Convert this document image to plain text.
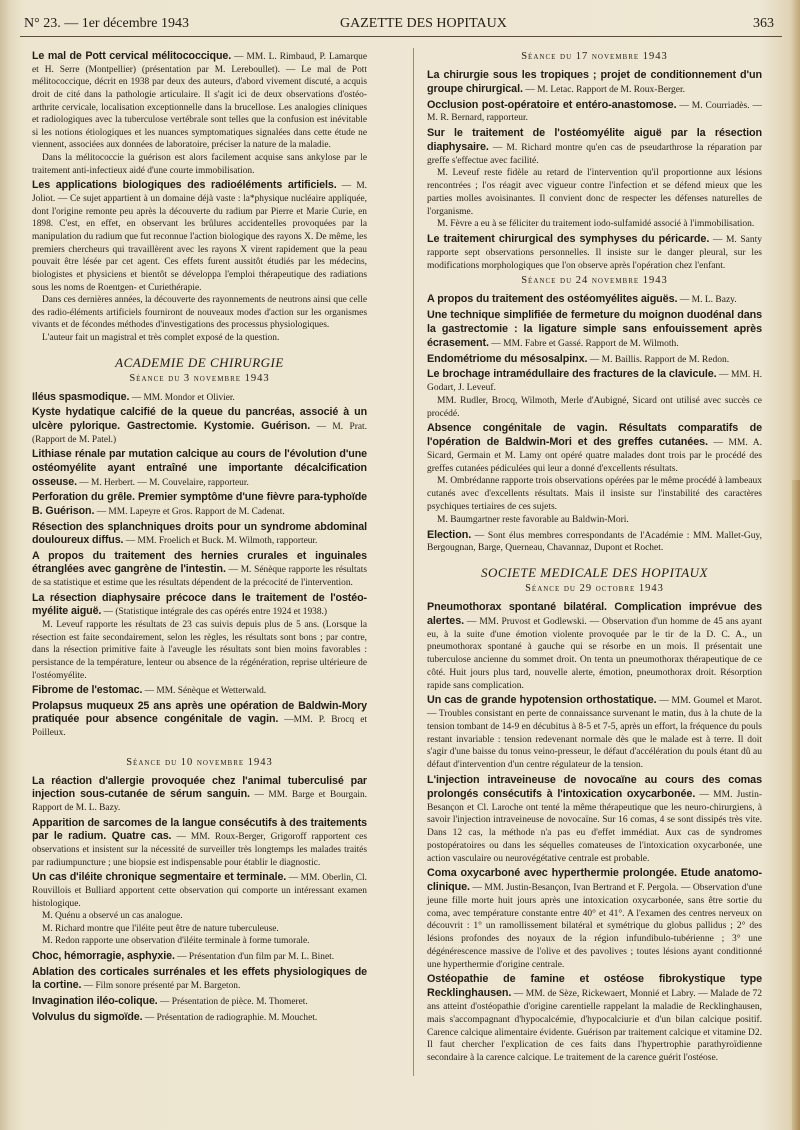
N° 23. — 1er décembre 1943	GAZETTE DES HOPITAUX	363
Le mal de Pott cervical mélitococcique. — MM. L. Rimbaud, P. Lamarque et H. Serre (Montpellier) (présentation par M. Lereboullet). — Le mal de Pott mélitococcique, décrit en 1938 par deux des auteurs, d'abord vivement discuté, a acquis droit de cité dans la pathologie articulaire. Il s'agit ici de deux observations d'ostéo-arthrite cervicale, localisation exceptionnelle dans la brucellose. Les analogies cliniques et radiologiques avec la tuberculose vertébrale sont telles que la confusion est inévitable si les notions étiologiques et les nuances symptomatiques signalées dans cette étude ne viennent, associées aux données de laboratoire, préciser la nature de la maladie.
Dans la mélitococcie la guérison est alors facilement acquise sans ankylose par le traitement anti-infectieux aidé d'une courte immobilisation.
Les applications biologiques des radioéléments artificiels. — M. Joliot. — Ce sujet appartient à un domaine déjà vaste : la*physique nucléaire appliquée, dont l'origine remonte peu après la découverte du radium par Pierre et Marie Curie, en 1898. C'est, en effet, en observant les brûlures accidentelles provoquées par la manipulation du radium que fut reconnue l'action biologique des rayons X. De même, les premiers chercheurs qui travaillèrent avec les rayons X virent rapidement que la peau pouvait être lésée par cet agent. Ces effets furent aussitôt étudiés par les médecins, biologistes et physiciens et bientôt se développa l'emploi thérapeutique des radiations sous les noms de Roentgen- et Curiethérapie.
Dans ces dernières années, la découverte des rayonnements de neutrons ainsi que celle des radio-éléments artificiels fourniront de nouveaux modes d'action sur les organismes vivants et de fécondes méthodes d'investigations des processus physiologiques.
L'auteur fait un magistral et très complet exposé de la question.
ACADEMIE DE CHIRURGIE
Séance du 3 novembre 1943
Iléus spasmodique. — MM. Mondor et Olivier.
Kyste hydatique calcifié de la queue du pancréas, associé à un ulcère pylorique. Gastrectomie. Kystomie. Guérison. — M. Prat. (Rapport de M. Patel.)
Lithiase rénale par mutation calcique au cours de l'évolution d'une ostéomyélite ayant entraîné une importante décalcification osseuse. — M. Herbert. — M. Couvelaire, rapporteur.
Perforation du grêle. Premier symptôme d'une fièvre para-typhoïde B. Guérison. — MM. Lapeyre et Gros. Rapport de M. Cadenat.
Résection des splanchniques droits pour un syndrome abdominal douloureux diffus. — MM. Froelich et Buck. M. Wilmoth, rapporteur.
A propos du traitement des hernies crurales et inguinales étranglées avec gangrène de l'intestin. — M. Sénèque rapporte les résultats de sa statistique et estime que les résultats dépendent de la précocité de l'intervention.
La résection diaphysaire précoce dans le traitement de l'ostéo-myélite aiguë. — (Statistique intégrale des cas opérés entre 1924 et 1938.)
M. Leveuf rapporte les résultats de 23 cas suivis depuis plus de 5 ans. (Lorsque la résection est faite secondairement, selon les règles, les résultats sont bons ; par contre, dans la résection primitive faite à l'aveugle les résultats sont bien moins favorables : persistance de la température, lenteur ou absence de la régénération, reprise ultérieure de l'ostéomyélite.
Fibrome de l'estomac. — MM. Sénèque et Wetterwald.
Prolapsus muqueux 25 ans après une opération de Baldwin-Mory pratiquée pour absence congénitale de vagin. —MM. P. Brocq et Poilleux.
Séance du 10 novembre 1943
La réaction d'allergie provoquée chez l'animal tuberculisé par injection sous-cutanée de sérum sanguin. — MM. Barge et Bourgain. Rapport de M. L. Bazy.
Apparition de sarcomes de la langue consécutifs à des traitements par le radium. Quatre cas. — MM. Roux-Berger, Grigoroff rapportent ces observations et insistent sur la nécessité de surveiller très longtemps les malades traités par radiumpuncture ; une biopsie est indispensable pour établir le diagnostic.
Un cas d'iléite chronique segmentaire et terminale. — MM. Oberlin, Cl. Rouvillois et Bulliard apportent cette observation qui comporte un intéressant examen histologique.
M. Quénu a observé un cas analogue.
M. Richard montre que l'iléite peut être de nature tuberculeuse.
M. Redon rapporte une observation d'iléite terminale à forme tumorale.
Choc, hémorragie, asphyxie. — Présentation d'un film par M. L. Binet.
Ablation des corticales surrénales et les effets physiologiques de la cortine. — Film sonore présenté par M. Bargeton.
Invagination iléo-colique. — Présentation de pièce. M. Thomeret.
Volvulus du sigmoïde. — Présentation de radiographie. M. Mouchet.
Séance du 17 novembre 1943
La chirurgie sous les tropiques ; projet de conditionnement d'un groupe chirurgical. — M. Letac. Rapport de M. Roux-Berger.
Occlusion post-opératoire et entéro-anastomose. — M. Courriadès. — M. R. Bernard, rapporteur.
Sur le traitement de l'ostéomyélite aiguë par la résection diaphysaire. — M. Richard montre qu'en cas de pseudarthrose la réparation par greffe s'effectue avec facilité.
M. Leveuf reste fidèle au retard de l'intervention qu'il proportionne aux lésions rencontrées ; l'os réagit avec vigueur contre l'infection et se défend mieux que les parties molles avoisinantes. Il convient donc de respecter les défenses naturelles de l'organisme.
M. Fèvre a eu à se féliciter du traitement iodo-sulfamidé associé à l'immobilisation.
Le traitement chirurgical des symphyses du péricarde. — M. Santy rapporte sept observations personnelles. Il insiste sur le danger pleural, sur les modifications morphologiques que l'on observe après l'opération chez l'enfant.
Séance du 24 novembre 1943
A propos du traitement des ostéomyélites aiguës. — M. L. Bazy.
Une technique simplifiée de fermeture du moignon duodénal dans la gastrectomie : la ligature simple sans enfouissement après écrasement. — MM. Fabre et Gassé. Rapport de M. Wilmoth.
Endométriome du mésosalpinx. — M. Baillis. Rapport de M. Redon.
Le brochage intramédullaire des fractures de la clavicule. — MM. H. Godart, J. Leveuf.
MM. Rudler, Brocq, Wilmoth, Merle d'Aubigné, Sicard ont utilisé avec succès ce procédé.
Absence congénitale de vagin. Résultats comparatifs de l'opération de Baldwin-Mori et des greffes cutanées. — MM. A. Sicard, Germain et M. Lamy ont opéré quatre malades dont trois par le procédé des greffes cutanées pédiculées qui leur a donné d'excellents résultats.
M. Ombrédanne rapporte trois observations opérées par le même procédé à lambeaux cutanés avec d'excellents résultats. Mais il insiste sur l'instabilité des caractères psychiques tertiaires de ces sujets.
M. Baumgartner reste favorable au Baldwin-Mori.
Election. — Sont élus membres correspondants de l'Académie : MM. Mallet-Guy, Bergougnan, Barge, Querneau, Chavannaz, Dupont et Rochet.
SOCIETE MEDICALE DES HOPITAUX
Séance du 29 octobre 1943
Pneumothorax spontané bilatéral. Complication imprévue des alertes. — MM. Pruvost et Godlewski. — Observation d'un homme de 45 ans ayant eu, à la suite d'une émotion violente provoquée par le tir de la D. C. A., un pneumothorax spontané à gauche qui se résorbe en un mois. Il présentait une tuberculose ancienne du sommet droit. On tenta un pneumothorax thérapeutique de ce côté. Huit jours plus tard, nouvelle alerte, émotion, pneumothorax droit. Résorption rapide sans complication.
Un cas de grande hypotension orthostatique. — MM. Goumel et Marot. — Troubles consistant en perte de connaissance survenant le matin, dus à la chute de la tension tombant de 14-9 en décubitus à 8-5 et 7-5, après un effort, la fréquence du pouls restant invariable : tension redevenant normale dès que le malade est à terre. Il doit s'agir d'une baisse du tonus veino-presseur, le défaut d'accélération du pouls étant dû au défaut d'intervention d'un centre régulateur de la tension.
L'injection intraveineuse de novocaïne au cours des comas prolongés consécutifs à l'intoxication oxycarbonée. — MM. Justin-Besançon et Cl. Laroche ont tenté la même thérapeutique que les neuro-chirurgiens, à savoir l'injection intraveineuse de novocaïne. Sur 16 comas, 4 se sont dissipés très vite. Dans 12 cas, la méthode n'a pas eu d'effet immédiat. Aux cas de syndromes postopératoires ou dans les séquelles comateuses de l'intoxication oxycarbonée, une action vasculaire ou neurovégétative centrale est probable.
Coma oxycarboné avec hyperthermie prolongée. Etude anatomo-clinique. — MM. Justin-Besançon, Ivan Bertrand et F. Pergola. — Observation d'une jeune fille morte huit jours après une intoxication oxycarbonée, sans être sortie du coma, avec température constante entre 40° et 41°. A l'examen des centres nerveux on découvrit : 1° un ramollissement bilatéral et symétrique du globus pallidus ; 2° des lésions profondes des noyaux de la région infundibulo-tubérienne ; 3° une dégénérescence massive de l'olive et des pavolives ; toutes lésions ayant conditionné une hyperthermie d'origine centrale.
Ostéopathie de famine et ostéose fibrokystique type Recklinghausen. — MM. de Sèze, Rickewaert, Monnié et Labry. — Malade de 72 ans atteint d'ostéopathie d'origine carentielle rappelant la maladie de Recklinghausen, mais s'accompagnant d'hypocalcémie, d'hypocalciurie et d'un bilan calcique positif. Carence calcique alimentaire évidente. Guérison par traitement calcique et vitamine D2. Il faut chercher l'explication de ces faits dans l'hypertrophie parathyroïdienne secondaire à la carence calcique. Le traitement de la carence guérit l'ostéose.
